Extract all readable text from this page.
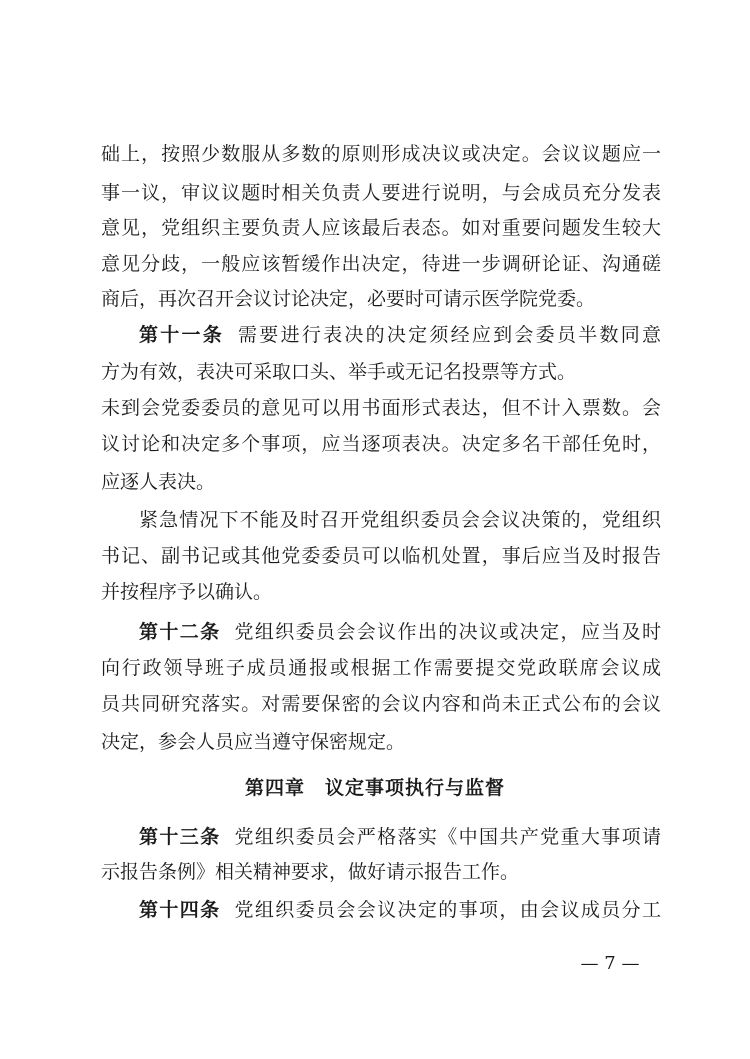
础上，按照少数服从多数的原则形成决议或决定。会议议题应一
事一议，审议议题时相关负责人要进行说明，与会成员充分发表
意见，党组织主要负责人应该最后表态。如对重要问题发生较大
意见分歧，一般应该暂缓作出决定，待进一步调研论证、沟通磋
商后，再次召开会议讨论决定，必要时可请示医学院党委。
第十一条 需要进行表决的决定须经应到会委员半数同意
方为有效，表决可采取口头、举手或无记名投票等方式。
未到会党委委员的意见可以用书面形式表达，但不计入票数。会
议讨论和决定多个事项，应当逐项表决。决定多名干部任免时，
应逐人表决。
紧急情况下不能及时召开党组织委员会会议决策的，党组织
书记、副书记或其他党委委员可以临机处置，事后应当及时报告
并按程序予以确认。
第十二条 党组织委员会会议作出的决议或决定，应当及时
向行政领导班子成员通报或根据工作需要提交党政联席会议成
员共同研究落实。对需要保密的会议内容和尚未正式公布的会议
决定，参会人员应当遵守保密规定。
第四章　议定事项执行与监督
第十三条 党组织委员会严格落实《中国共产党重大事项请
示报告条例》相关精神要求，做好请示报告工作。
第十四条 党组织委员会会议决定的事项，由会议成员分工
— 7 —
